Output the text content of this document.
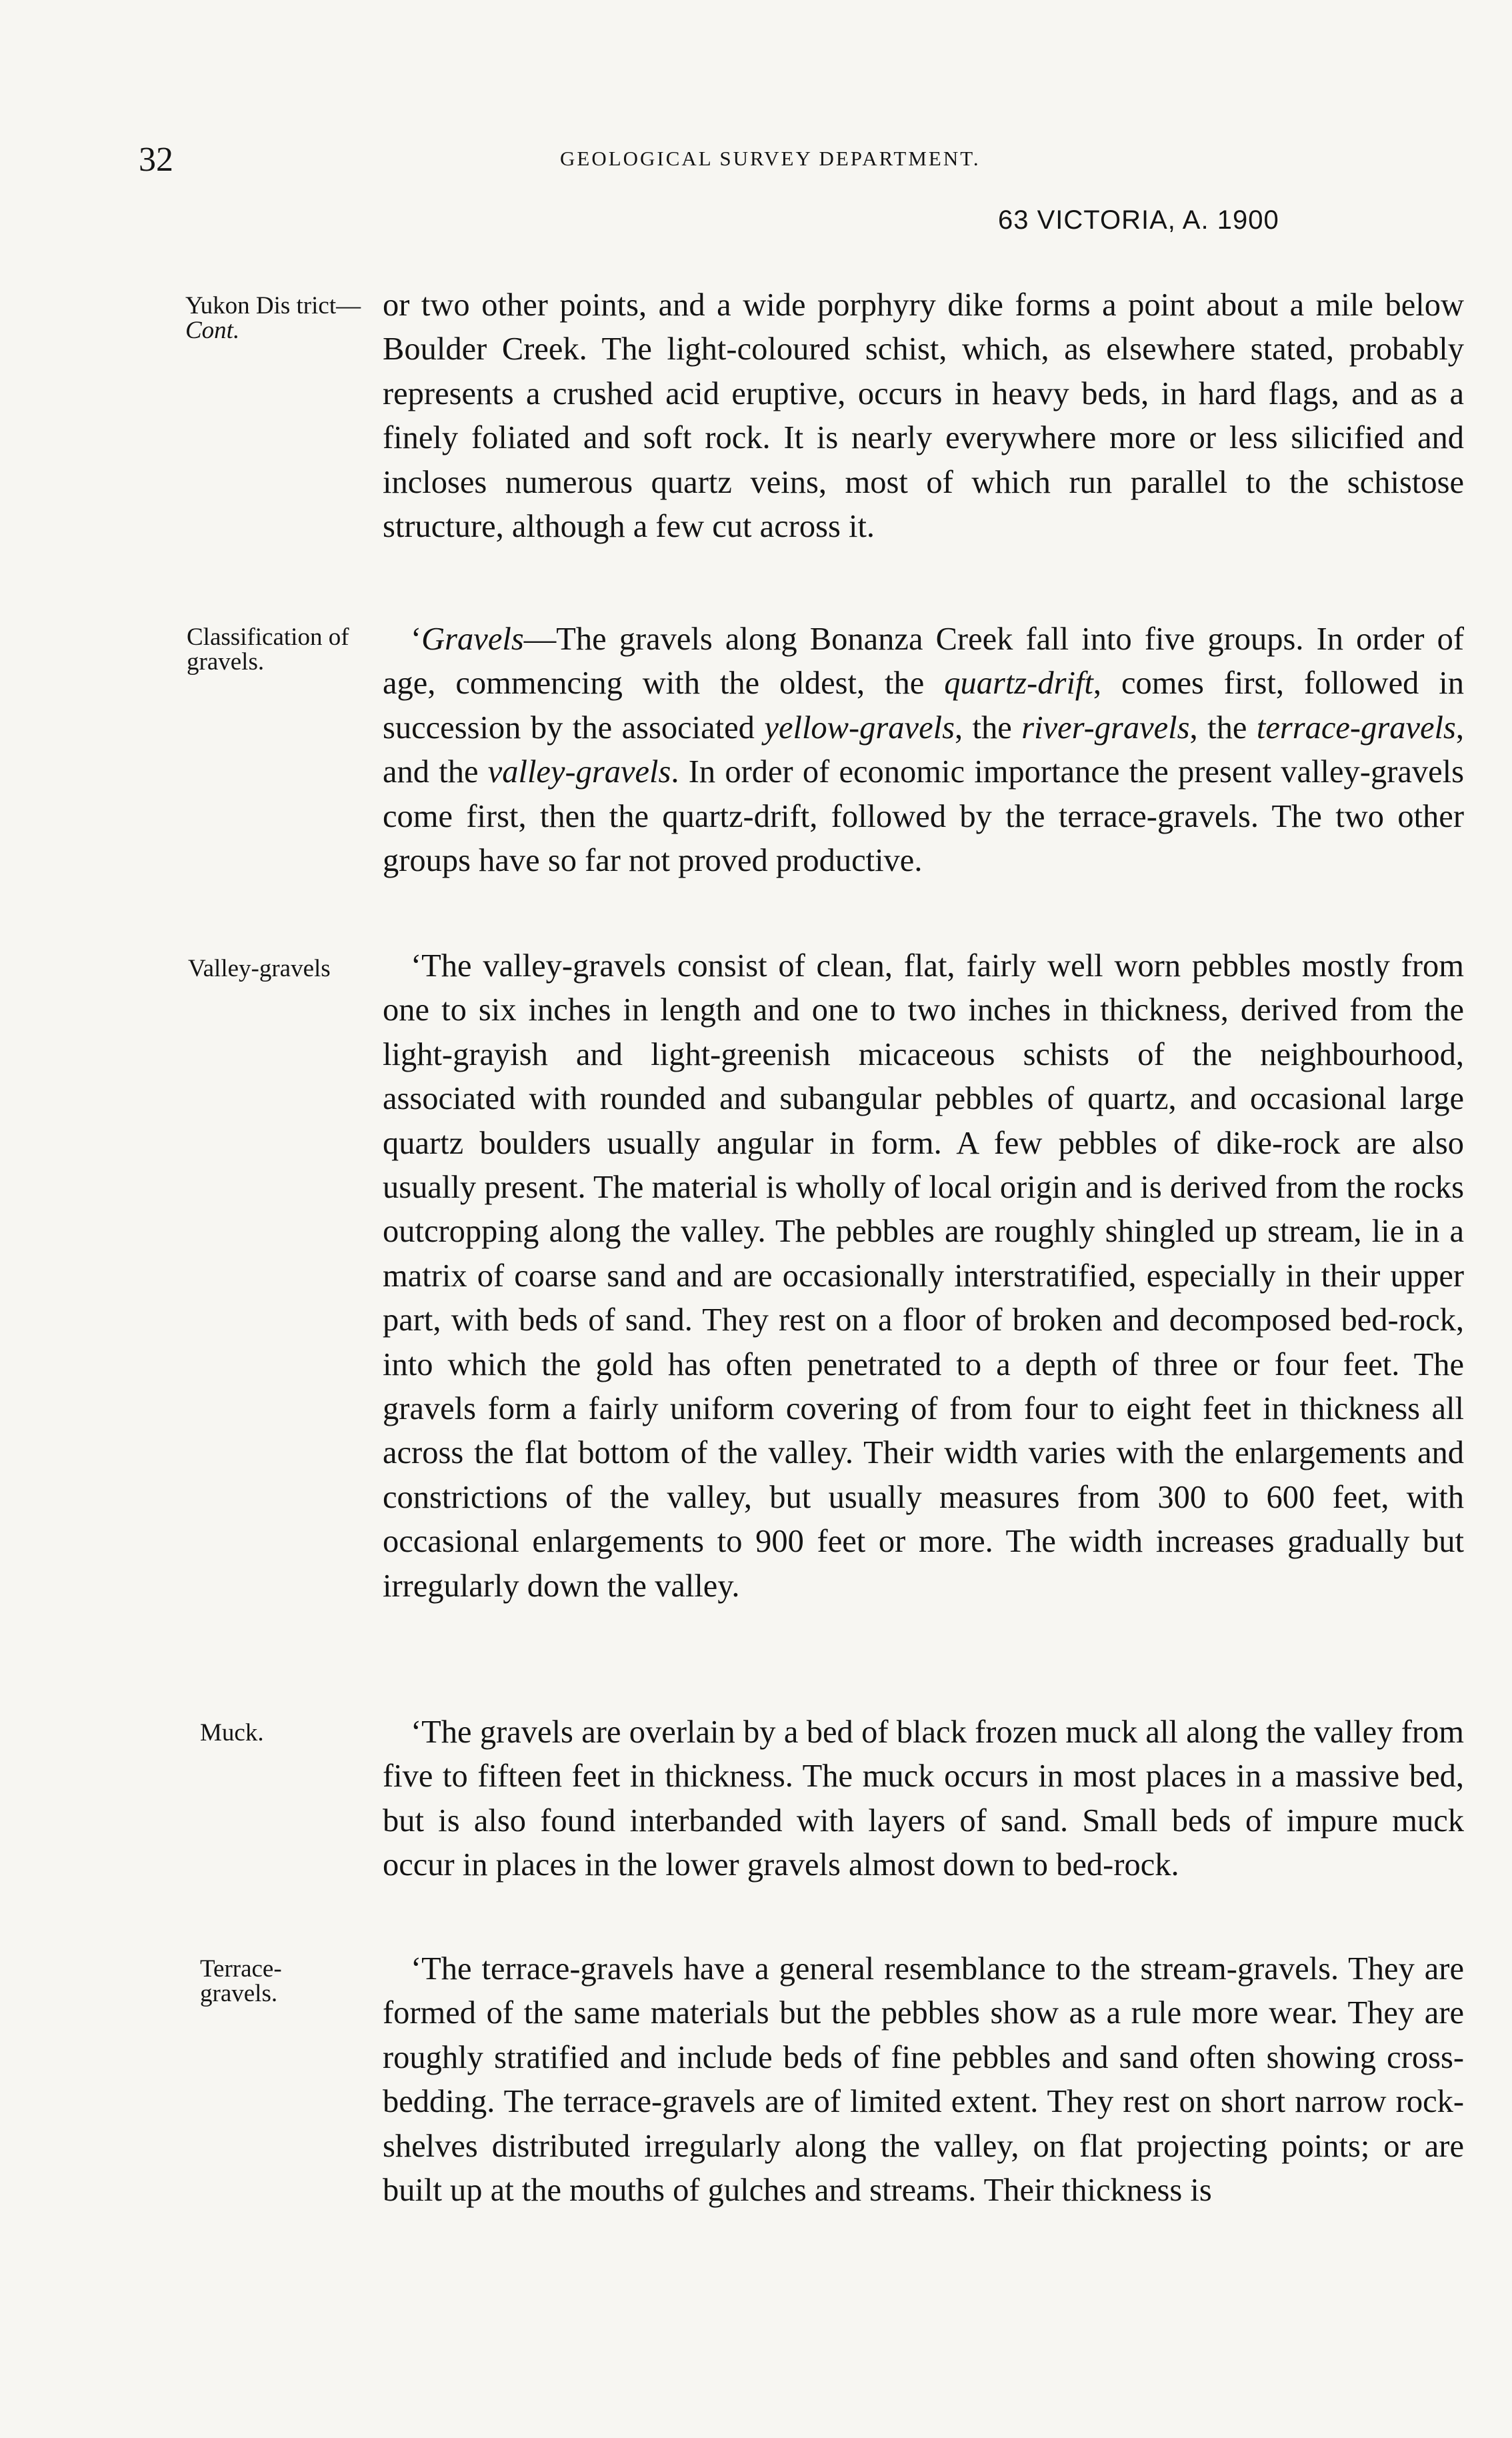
32	GEOLOGICAL SURVEY DEPARTMENT.
63 VICTORIA, A. 1900
Yukon Dis trict—Cont.
Classification of gravels.
Valley-gravels
Muck.
Terrace-gravels.

or two other points, and a wide porphyry dike forms a point about a mile below Boulder Creek. The light-coloured schist, which, as elsewhere stated, probably represents a crushed acid eruptive, occurs in heavy beds, in hard flags, and as a finely foliated and soft rock. It is nearly everywhere more or less silicified and incloses numerous quartz veins, most of which run parallel to the schistose structure, although a few cut across it.

‘Gravels—The gravels along Bonanza Creek fall into five groups. In order of age, commencing with the oldest, the quartz-drift, comes first, followed in succession by the associated yellow-gravels, the river-gravels, the terrace-gravels, and the valley-gravels. In order of economic importance the present valley-gravels come first, then the quartz-drift, followed by the terrace-gravels. The two other groups have so far not proved productive.

‘The valley-gravels consist of clean, flat, fairly well worn pebbles mostly from one to six inches in length and one to two inches in thickness, derived from the light-grayish and light-greenish micaceous schists of the neighbourhood, associated with rounded and subangular pebbles of quartz, and occasional large quartz boulders usually angular in form. A few pebbles of dike-rock are also usually present. The material is wholly of local origin and is derived from the rocks outcropping along the valley. The pebbles are roughly shingled up stream, lie in a matrix of coarse sand and are occasionally interstratified, especially in their upper part, with beds of sand. They rest on a floor of broken and decomposed bed-rock, into which the gold has often penetrated to a depth of three or four feet. The gravels form a fairly uniform covering of from four to eight feet in thickness all across the flat bottom of the valley. Their width varies with the enlargements and constrictions of the valley, but usually measures from 300 to 600 feet, with occasional enlargements to 900 feet or more. The width increases gradually but irregularly down the valley.

‘The gravels are overlain by a bed of black frozen muck all along the valley from five to fifteen feet in thickness. The muck occurs in most places in a massive bed, but is also found interbanded with layers of sand. Small beds of impure muck occur in places in the lower gravels almost down to bed-rock.

‘The terrace-gravels have a general resemblance to the stream-gravels. They are formed of the same materials but the pebbles show as a rule more wear. They are roughly stratified and include beds of fine pebbles and sand often showing cross-bedding. The terrace-gravels are of limited extent. They rest on short narrow rock-shelves distributed irregularly along the valley, on flat projecting points; or are built up at the mouths of gulches and streams. Their thickness is
